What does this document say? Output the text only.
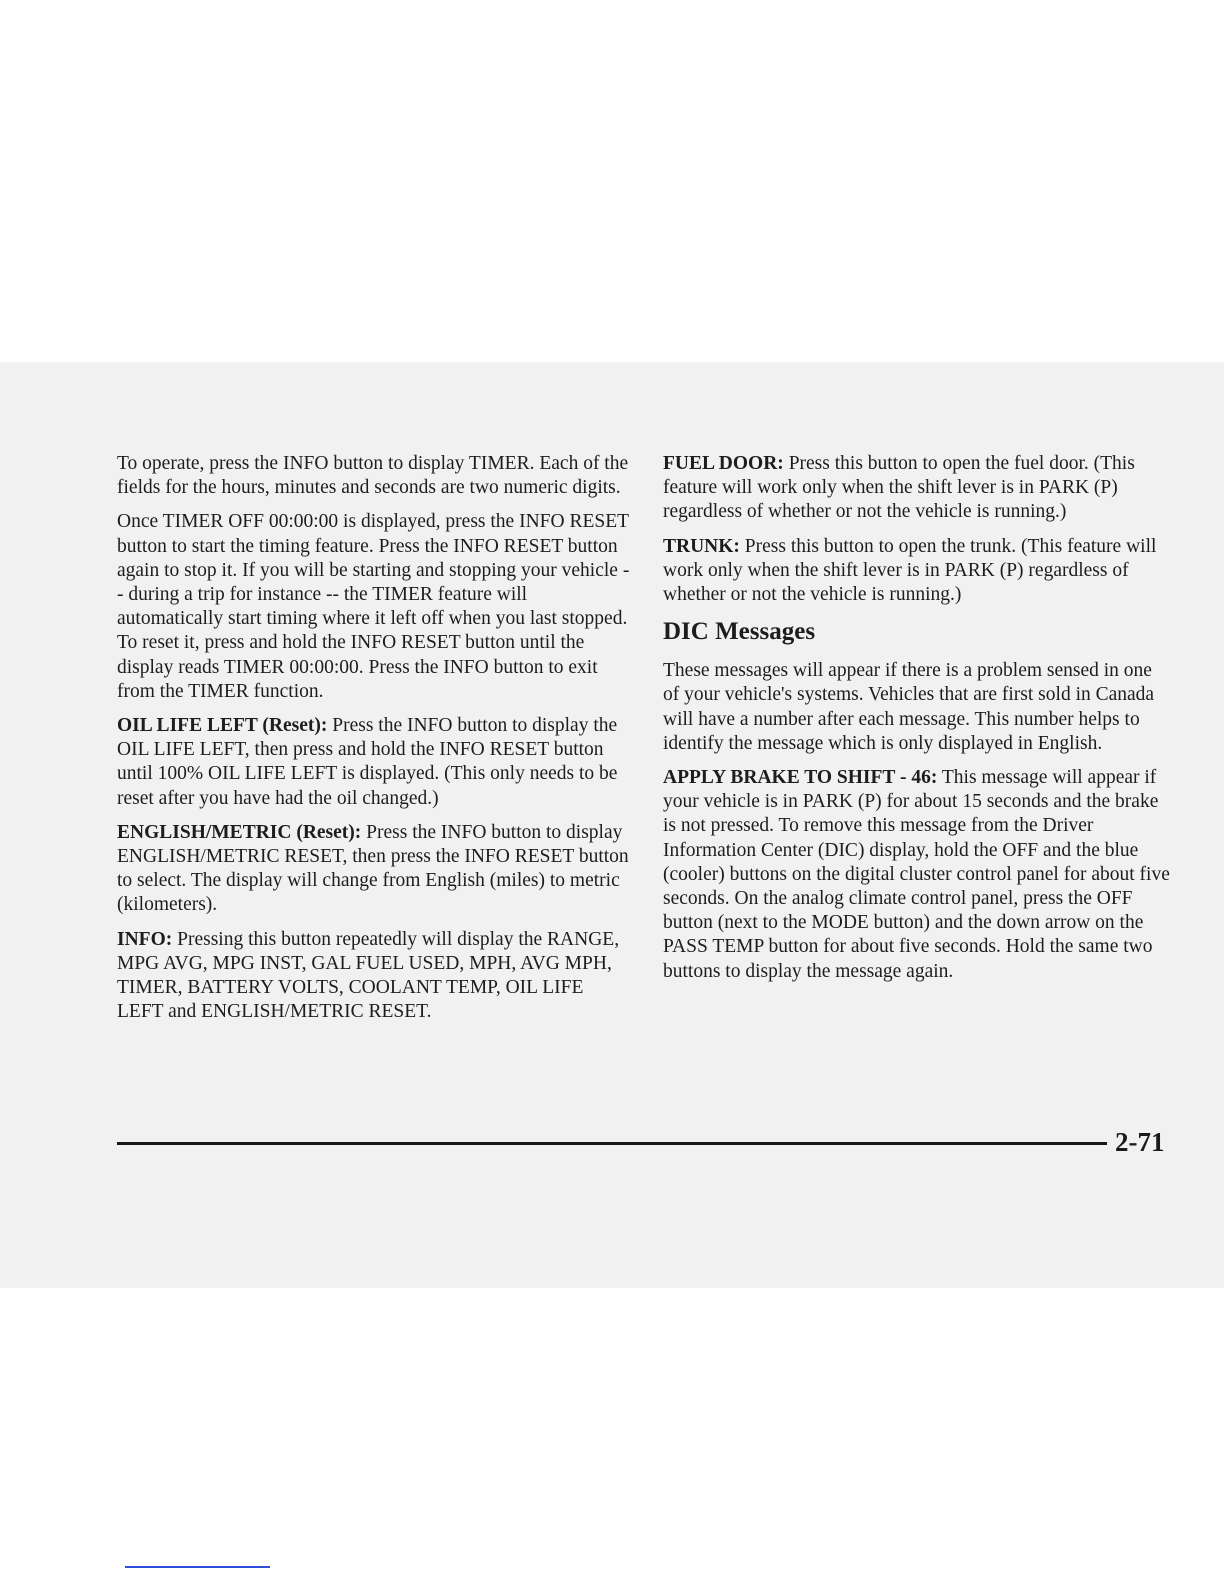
To operate, press the INFO button to display TIMER. Each of the fields for the hours, minutes and seconds are two numeric digits.

Once TIMER OFF 00:00:00 is displayed, press the INFO RESET button to start the timing feature. Press the INFO RESET button again to stop it. If you will be starting and stopping your vehicle -- during a trip for instance -- the TIMER feature will automatically start timing where it left off when you last stopped. To reset it, press and hold the INFO RESET button until the display reads TIMER 00:00:00. Press the INFO button to exit from the TIMER function.

OIL LIFE LEFT (Reset): Press the INFO button to display the OIL LIFE LEFT, then press and hold the INFO RESET button until 100% OIL LIFE LEFT is displayed. (This only needs to be reset after you have had the oil changed.)

ENGLISH/METRIC (Reset): Press the INFO button to display ENGLISH/METRIC RESET, then press the INFO RESET button to select. The display will change from English (miles) to metric (kilometers).

INFO: Pressing this button repeatedly will display the RANGE, MPG AVG, MPG INST, GAL FUEL USED, MPH, AVG MPH, TIMER, BATTERY VOLTS, COOLANT TEMP, OIL LIFE LEFT and ENGLISH/METRIC RESET.

FUEL DOOR: Press this button to open the fuel door. (This feature will work only when the shift lever is in PARK (P) regardless of whether or not the vehicle is running.)

TRUNK: Press this button to open the trunk. (This feature will work only when the shift lever is in PARK (P) regardless of whether or not the vehicle is running.)

DIC Messages

These messages will appear if there is a problem sensed in one of your vehicle's systems. Vehicles that are first sold in Canada will have a number after each message. This number helps to identify the message which is only displayed in English.

APPLY BRAKE TO SHIFT - 46: This message will appear if your vehicle is in PARK (P) for about 15 seconds and the brake is not pressed. To remove this message from the Driver Information Center (DIC) display, hold the OFF and the blue (cooler) buttons on the digital cluster control panel for about five seconds. On the analog climate control panel, press the OFF button (next to the MODE button) and the down arrow on the PASS TEMP button for about five seconds. Hold the same two buttons to display the message again.

2-71
